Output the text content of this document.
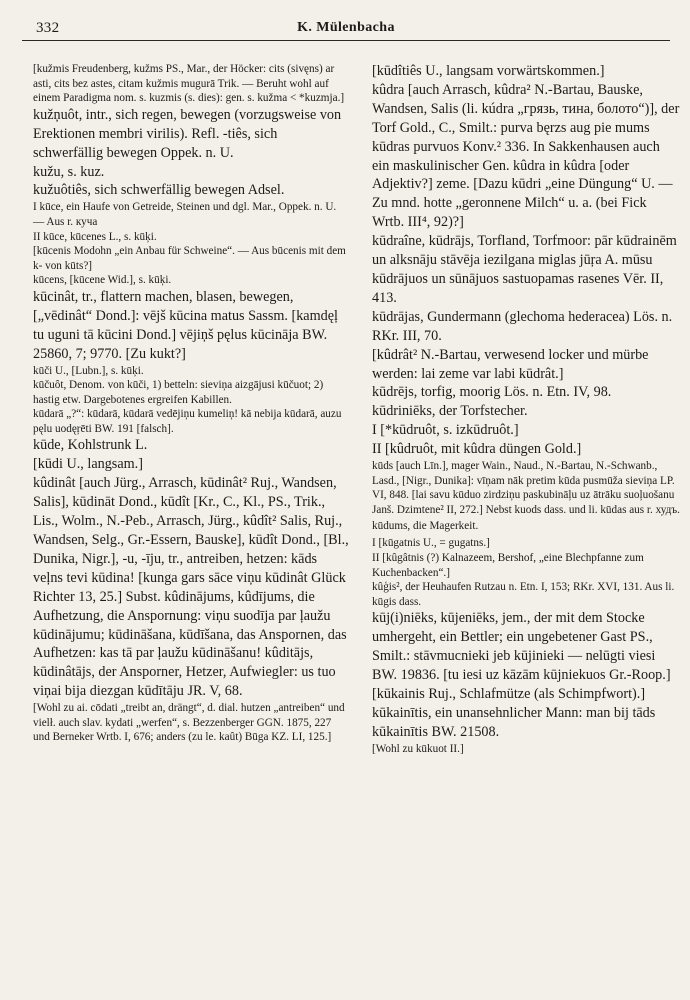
332	K. Mülenbacha

[kužmis Freudenberg, kužms PS., Mar., der Höcker: cits (sivęns) ar asti, cits bez astes, citam kužmis mugurā Trik. — Beruht wohl auf einem Paradigma nom. s. kuzmis (s. dies): gen. s. kužma < *kuzmja.]

kužņuôt, intr., sich regen, bewegen (vorzugsweise von Erektionen membri virilis). Refl. -tiês, sich schwerfällig bewegen Oppek. n. U.

kužu, s. kuz.

kužuôtiês, sich schwerfällig bewegen Adsel.

I kūce, ein Haufe von Getreide, Steinen und dgl. Mar., Oppek. n. U. — Aus r. куча

II kūce, kūcenes L., s. kūķi.

[kūcenis Modohn „ein Anbau für Schweine“. — Aus būcenis mit dem k- von kūts?]

kūcens, [kūcene Wid.], s. kūķi.

kūcinât, tr., flattern machen, blasen, bewegen, [„vēdinât“ Dond.]: vējš kūcina matus Sassm. [kamdęļ tu uguni tā kūcini Dond.] vējiņš pęlus kūcināja BW. 25860, 7; 9770. [Zu kukt?]

kūči U., [Lubn.], s. kūķi.

kūčuôt, Denom. von kūči, 1) betteln: sieviņa aizgājusi kūčuot; 2) hastig etw. Dargebotenes ergreifen Kabillen.

kūdarā „?“: kūdarā, kūdarā vedējiņu kumeliņ! kā nebija kūdarā, auzu pęlu uodęŗēti BW. 191 [falsch].

kūde, Kohlstrunk L.

[kūdi U., langsam.]

kûdinât [auch Jürg., Arrasch, kūdinât² Ruj., Wandsen, Salis], kūdināt Dond., kūdît [Kr., C., Kl., PS., Trik., Lis., Wolm., N.-Peb., Arrasch, Jürg., kûdît² Salis, Ruj., Wandsen, Selg., Gr.-Essern, Bauske], kūdît Dond., [Bl., Dunika, Nigr.], -u, -īju, tr., antreiben, hetzen: kāds veļns tevi kūdina! [kunga gars sāce viņu kūdinât Glück Richter 13, 25.] Subst. kûdinājums, kûdījums, die Aufhetzung, die Anspornung: viņu suodīja par ļaužu kūdinājumu; kūdināšana, kūdīšana, das Anspornen, das Aufhetzen: kas tā par ļaužu kūdināšanu! kûditājs, kūdinâtājs, der Ansporner, Hetzer, Aufwiegler: us tuo viņai bija diezgan kūdītāju JR. V, 68.

[Wohl zu ai. cōdati „treibt an, drängt“, d. dial. hutzen „antreiben“ und vielł. auch slav. kydati „werfen“, s. Bezzenberger GGN. 1875, 227 und Berneker Wrtb. I, 676; anders (zu le. kaût) Būga KZ. LI, 125.]

[kūdîtiês U., langsam vorwärtskommen.]

kûdra [auch Arrasch, kûdra² N.-Bartau, Bauske, Wandsen, Salis (li. kúdra „грязь, тина, болото“)], der Torf Gold., C., Smilt.: purva bęrzs aug pie mums kūdras purvuos Konv.² 336. In Sakkenhausen auch ein maskulinischer Gen. kûdra in kûdra [oder Adjektiv?] zeme. [Dazu kūdri „eine Düngung“ U. — Zu mnd. hotte „geronnene Milch“ u. a. (bei Fick Wrtb. III⁴, 92)?]

kūdraîne, kūdrājs, Torfland, Torfmoor: pār kūdrainēm un alksnāju stāvēja iezilgana miglas jūŗa A. mūsu kūdrājuos un sūnājuos sastuopamas rasenes Vēr. II, 413.

kūdrājas, Gundermann (glechoma hederacea) Lös. n. RKr. III, 70.

[kûdrât² N.-Bartau, verwesend locker und mürbe werden: lai zeme var labi kūdrât.]

kūdrējs, torfig, moorig Lös. n. Etn. IV, 98.

kūdriniēks, der Torfstecher.

I [*kūdruôt, s. izkūdruôt.]

II [kûdruôt, mit kûdra düngen Gold.]

kūds [auch Līn.], mager Wain., Naud., N.-Bartau, N.-Schwanb., Lasd., [Nigr., Dunika]: vīņam nāk pretim kūda pusmūža sieviņa LP. VI, 848. [lai savu kūduo zirdziņu paskubināļu uz ātrāku suoļuošanu Janš. Dzimtene² II, 272.] Nebst kuods dass. und li. kūdas aus r. худъ.

kūdums, die Magerkeit.

I [kūgatnis U., = gugatns.]

II [kûgâtnis (?) Kalnazeem, Bershof, „eine Blechpfanne zum Kuchenbacken“.]

kûģis², der Heuhaufen Rutzau n. Etn. I, 153; RKr. XVI, 131. Aus li. kūgis dass.

kūj(i)niēks, kūjeniēks, jem., der mit dem Stocke umhergeht, ein Bettler; ein ungebetener Gast PS., Smilt.: stāvmucnieki jeb kūjinieki — nelūgti viesi BW. 19836. [tu iesi uz kāzām kūjniekuos Gr.-Roop.]

[kūkainis Ruj., Schlafmütze (als Schimpfwort).]

kūkainītis, ein unansehnlicher Mann: man bij tāds kūkainītis BW. 21508.

[Wohl zu kūkuot II.]
